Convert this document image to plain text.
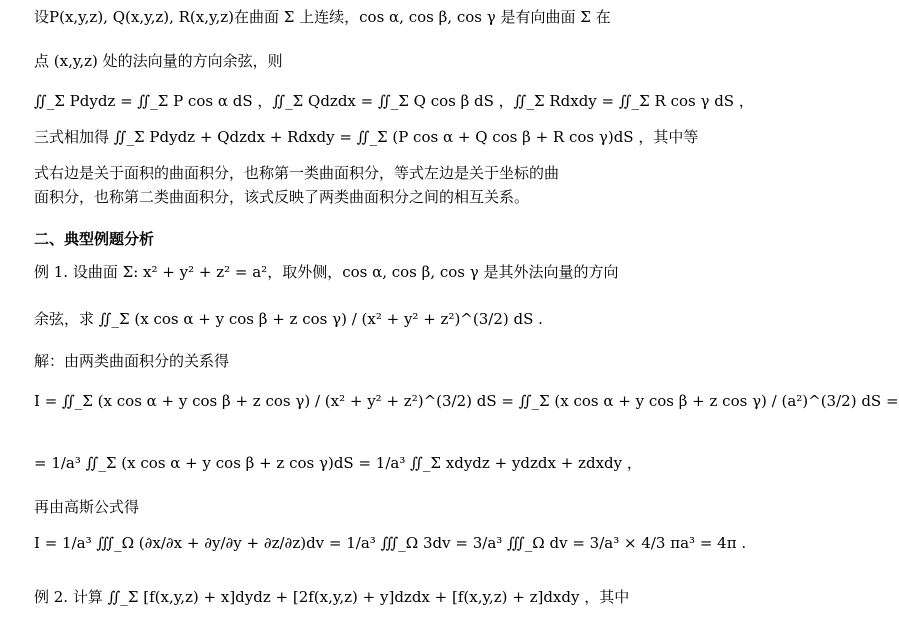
设P(x,y,z), Q(x,y,z), R(x,y,z)在曲面 Σ 上连续，cos α, cos β, cos γ 是有向曲面 Σ 在
点 (x,y,z) 处的法向量的方向余弦，则
∬_Σ Pdydz = ∬_Σ P cos α dS ，∬_Σ Qdzdx = ∬_Σ Q cos β dS ，∬_Σ Rdxdy = ∬_Σ R cos γ dS ，
三式相加得 ∬_Σ Pdydz + Qdzdx + Rdxdy = ∬_Σ (P cos α + Q cos β + R cos γ)dS ，其中等
式右边是关于面积的曲面积分，也称第一类曲面积分，等式左边是关于坐标的曲
面积分，也称第二类曲面积分，该式反映了两类曲面积分之间的相互关系。
二、典型例题分析
例 1. 设曲面 Σ: x² + y² + z² = a²，取外侧，cos α, cos β, cos γ 是其外法向量的方向
余弦，求 ∬_Σ (x cos α + y cos β + z cos γ) / (x² + y² + z²)^(3/2) dS .
解：由两类曲面积分的关系得
I = ∬_Σ (x cos α + y cos β + z cos γ) / (x² + y² + z²)^(3/2) dS = ∬_Σ (x cos α + y cos β + z cos γ) / (a²)^(3/2) dS =
= 1/a³ ∬_Σ (x cos α + y cos β + z cos γ)dS = 1/a³ ∬_Σ xdydz + ydzdx + zdxdy ，
再由高斯公式得
I = 1/a³ ∭_Ω (∂x/∂x + ∂y/∂y + ∂z/∂z)dv = 1/a³ ∭_Ω 3dv = 3/a³ ∭_Ω dv = 3/a³ × 4/3 πa³ = 4π .
例 2. 计算 ∬_Σ [f(x,y,z) + x]dydz + [2f(x,y,z) + y]dzdx + [f(x,y,z) + z]dxdy ，其中
